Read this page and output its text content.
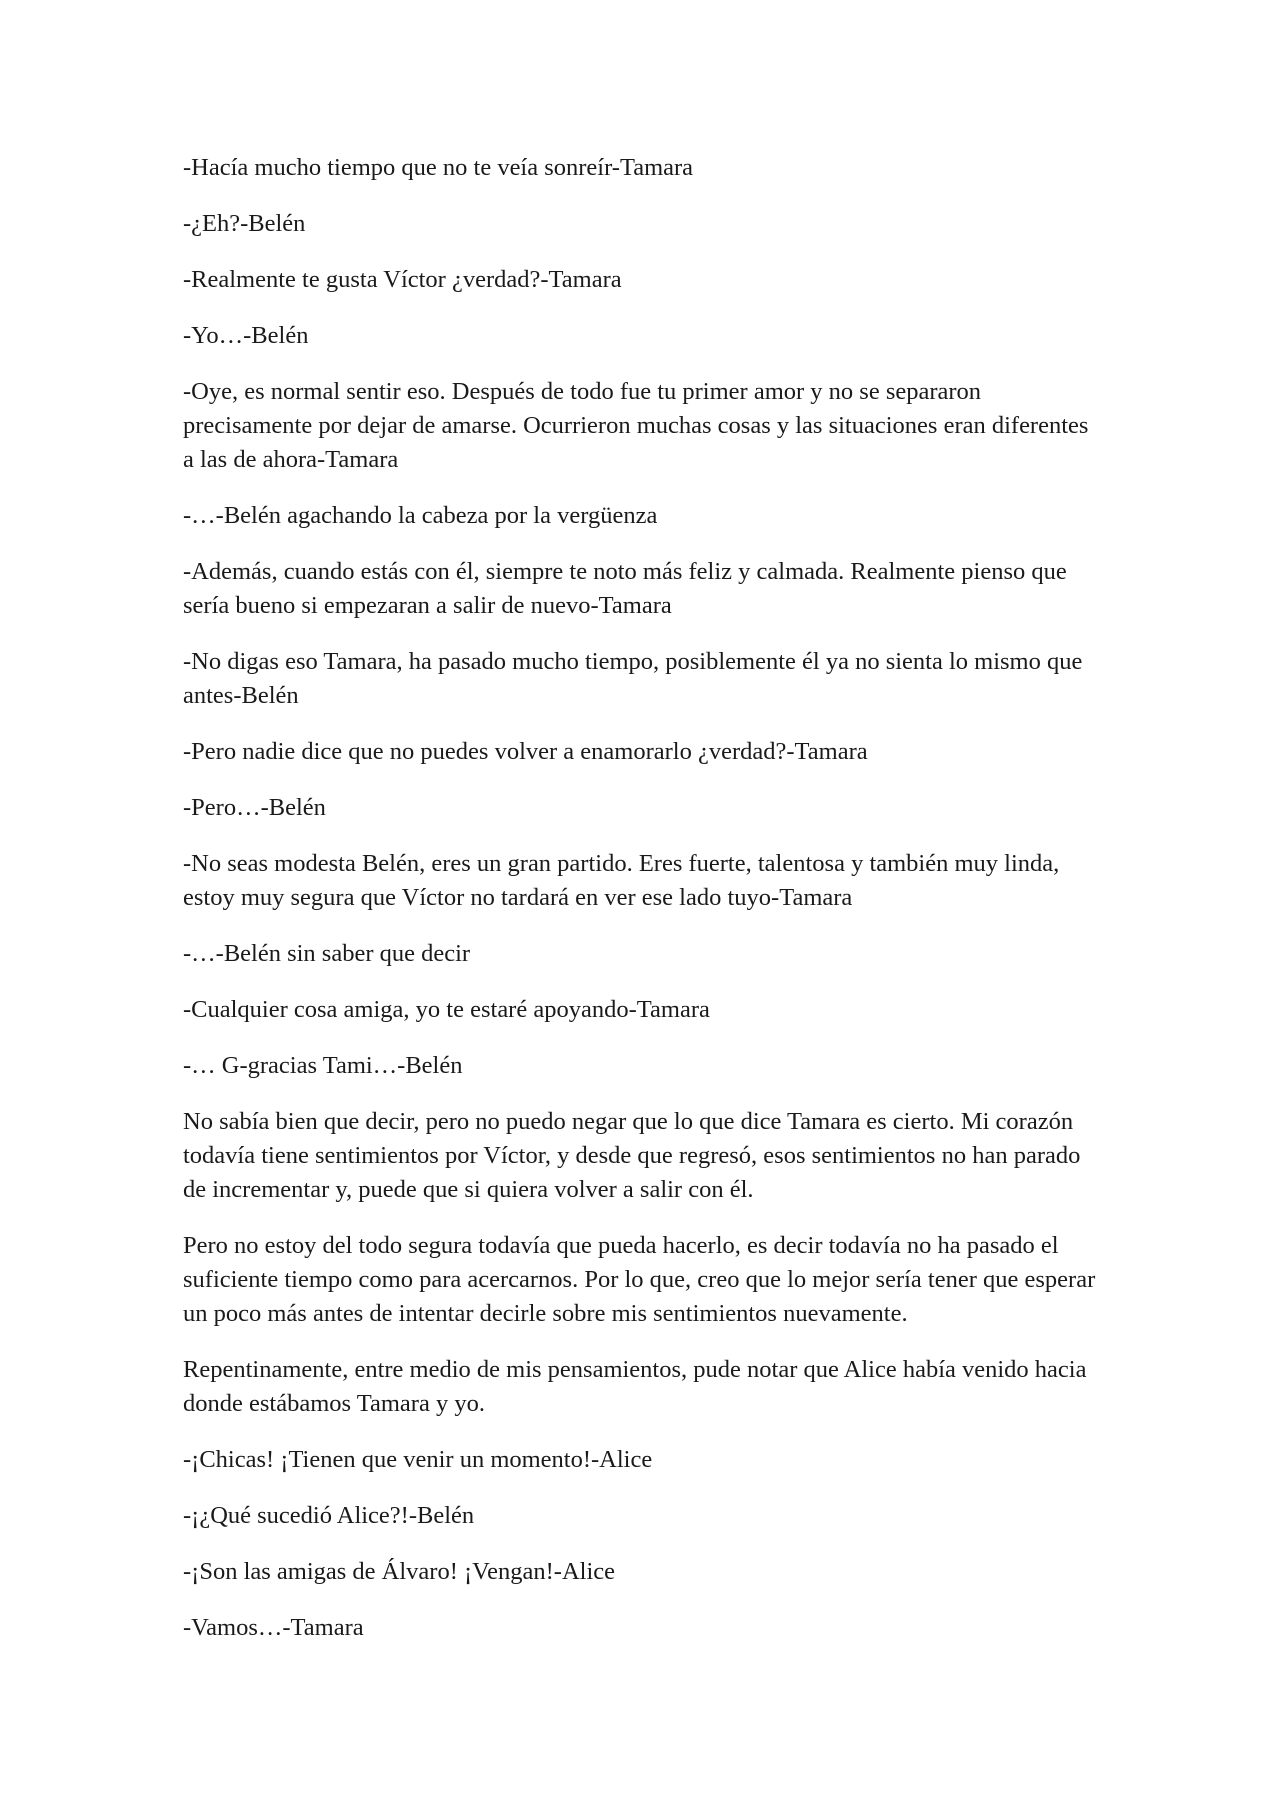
-Hacía mucho tiempo que no te veía sonreír-Tamara

-¿Eh?-Belén

-Realmente te gusta Víctor ¿verdad?-Tamara

-Yo…-Belén

-Oye, es normal sentir eso. Después de todo fue tu primer amor y no se separaron precisamente por dejar de amarse. Ocurrieron muchas cosas y las situaciones eran diferentes a las de ahora-Tamara

-…-Belén agachando la cabeza por la vergüenza

-Además, cuando estás con él, siempre te noto más feliz y calmada. Realmente pienso que sería bueno si empezaran a salir de nuevo-Tamara

-No digas eso Tamara, ha pasado mucho tiempo, posiblemente él ya no sienta lo mismo que antes-Belén

-Pero nadie dice que no puedes volver a enamorarlo ¿verdad?-Tamara

-Pero…-Belén

-No seas modesta Belén, eres un gran partido. Eres fuerte, talentosa y también muy linda, estoy muy segura que Víctor no tardará en ver ese lado tuyo-Tamara

-…-Belén sin saber que decir

-Cualquier cosa amiga, yo te estaré apoyando-Tamara

-… G-gracias Tami…-Belén

No sabía bien que decir, pero no puedo negar que lo que dice Tamara es cierto. Mi corazón todavía tiene sentimientos por Víctor, y desde que regresó, esos sentimientos no han parado de incrementar y, puede que si quiera volver a salir con él.

Pero no estoy del todo segura todavía que pueda hacerlo, es decir todavía no ha pasado el suficiente tiempo como para acercarnos. Por lo que, creo que lo mejor sería tener que esperar un poco más antes de intentar decirle sobre mis sentimientos nuevamente.

Repentinamente, entre medio de mis pensamientos, pude notar que Alice había venido hacia donde estábamos Tamara y yo.

-¡Chicas! ¡Tienen que venir un momento!-Alice

-¡¿Qué sucedió Alice?!-Belén

-¡Son las amigas de Álvaro! ¡Vengan!-Alice

-Vamos…-Tamara
